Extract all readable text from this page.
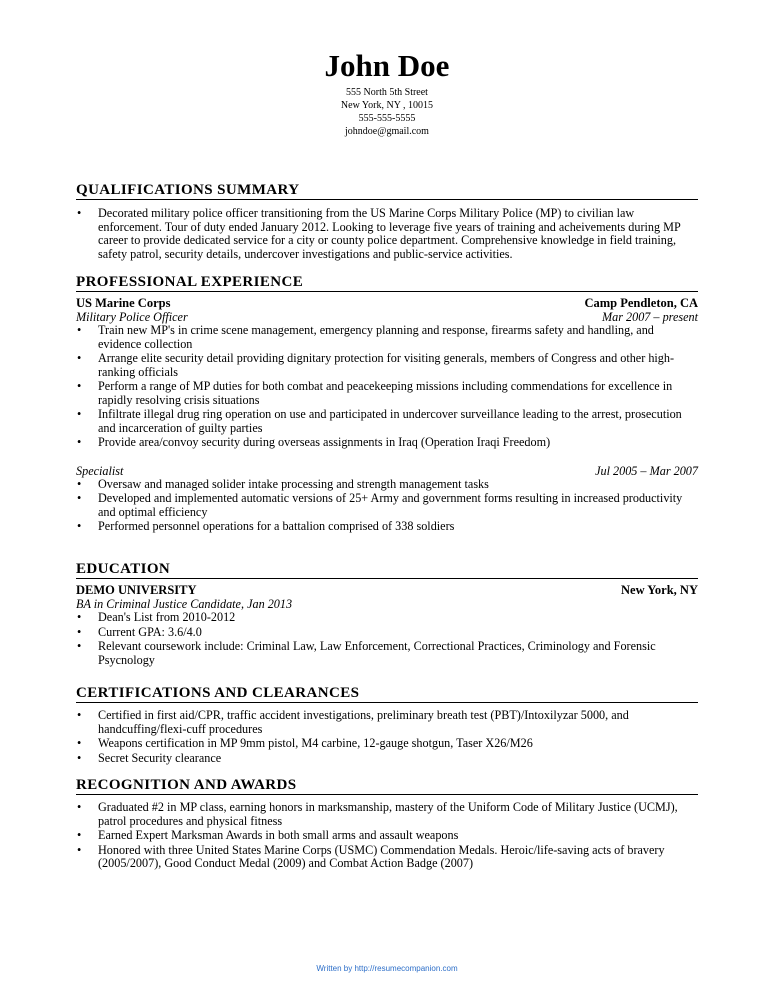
John Doe
555 North 5th Street
New York, NY , 10015
555-555-5555
johndoe@gmail.com
QUALIFICATIONS SUMMARY
• Decorated military police officer transitioning from the US Marine Corps Military Police (MP) to civilian law enforcement. Tour of duty ended January 2012. Looking to leverage five years of training and acheivements during MP career to provide dedicated service for a city or county police department. Comprehensive knowledge in field training, safety patrol, security details, undercover investigations and public-service activities.
PROFESSIONAL EXPERIENCE
US Marine Corps	Camp Pendleton, CA
Military Police Officer	Mar 2007 – present
• Train new MP's in crime scene management, emergency planning and response, firearms safety and handling, and evidence collection
• Arrange elite security detail providing dignitary protection for visiting generals, members of Congress and other high-ranking officials
• Perform a range of MP duties for both combat and peacekeeping missions including commendations for excellence in rapidly resolving crisis situations
• Infiltrate illegal drug ring operation on use and participated in undercover surveillance leading to the arrest, prosecution and incarceration of guilty parties
• Provide area/convoy security during overseas assignments in Iraq (Operation Iraqi Freedom)
Specialist	Jul 2005 – Mar 2007
• Oversaw and managed solider intake processing and strength management tasks
• Developed and implemented automatic versions of 25+ Army and government forms resulting in increased productivity and optimal efficiency
• Performed personnel operations for a battalion comprised of 338 soldiers
EDUCATION
DEMO UNIVERSITY	New York, NY
BA in Criminal Justice Candidate, Jan 2013
• Dean's List from 2010-2012
• Current GPA: 3.6/4.0
• Relevant coursework include: Criminal Law, Law Enforcement, Correctional Practices, Criminology and Forensic Psycnology
CERTIFICATIONS AND CLEARANCES
• Certified in first aid/CPR, traffic accident investigations, preliminary breath test (PBT)/Intoxilyzar 5000, and handcuffing/flexi-cuff procedures
• Weapons certification in MP 9mm pistol, M4 carbine, 12-gauge shotgun, Taser X26/M26
• Secret Security clearance
RECOGNITION AND AWARDS
• Graduated #2 in MP class, earning honors in marksmanship, mastery of the Uniform Code of Military Justice (UCMJ), patrol procedures and physical fitness
• Earned Expert Marksman Awards in both small arms and assault weapons
• Honored with three United States Marine Corps (USMC) Commendation Medals. Heroic/life-saving acts of bravery (2005/2007), Good Conduct Medal (2009) and Combat Action Badge (2007)
Written by http://resumecompanion.com
